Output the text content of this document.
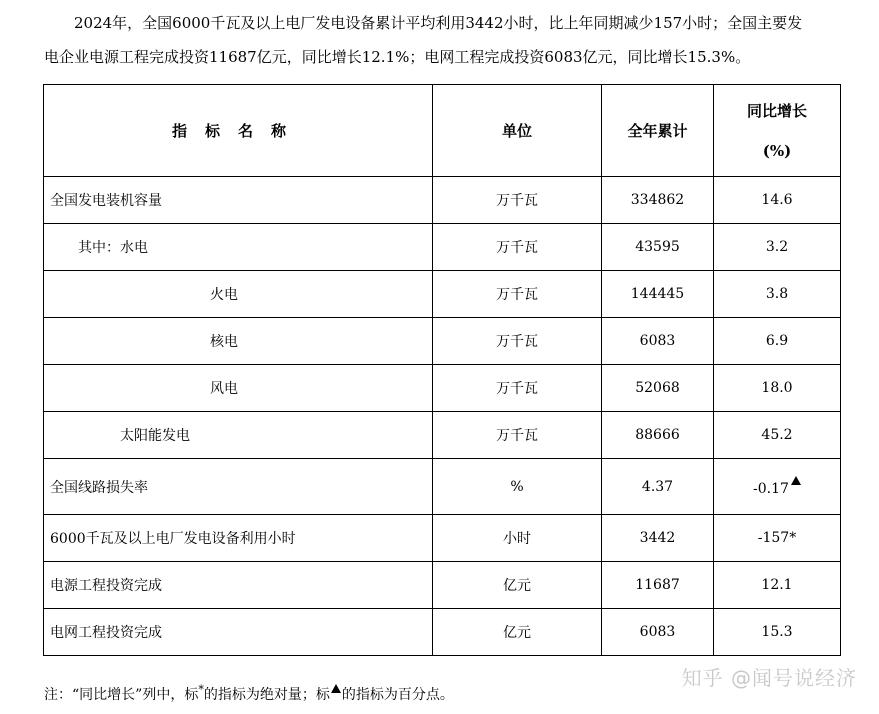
2024年，全国6000千瓦及以上电厂发电设备累计平均利用3442小时，比上年同期减少157小时；全国主要发
电企业电源工程完成投资11687亿元，同比增长12.1%；电网工程完成投资6083亿元，同比增长15.3%。
指标名称	单位	全年累计	同比增长
(%)

全国发电装机容量	万千瓦	334862	14.6
其中：水电	万千瓦	43595	3.2
火电	万千瓦	144445	3.8
核电	万千瓦	6083	6.9
风电	万千瓦	52068	18.0
太阳能发电	万千瓦	88666	45.2
全国线路损失率	%	4.37	-0.17
6000千瓦及以上电厂发电设备利用小时	小时	3442	-157*
电源工程投资完成	亿元	11687	12.1
电网工程投资完成	亿元	6083	15.3
注：“同比增长”列中，标*的指标为绝对量；标 的指标为百分点。
知乎 @闻号说经济
